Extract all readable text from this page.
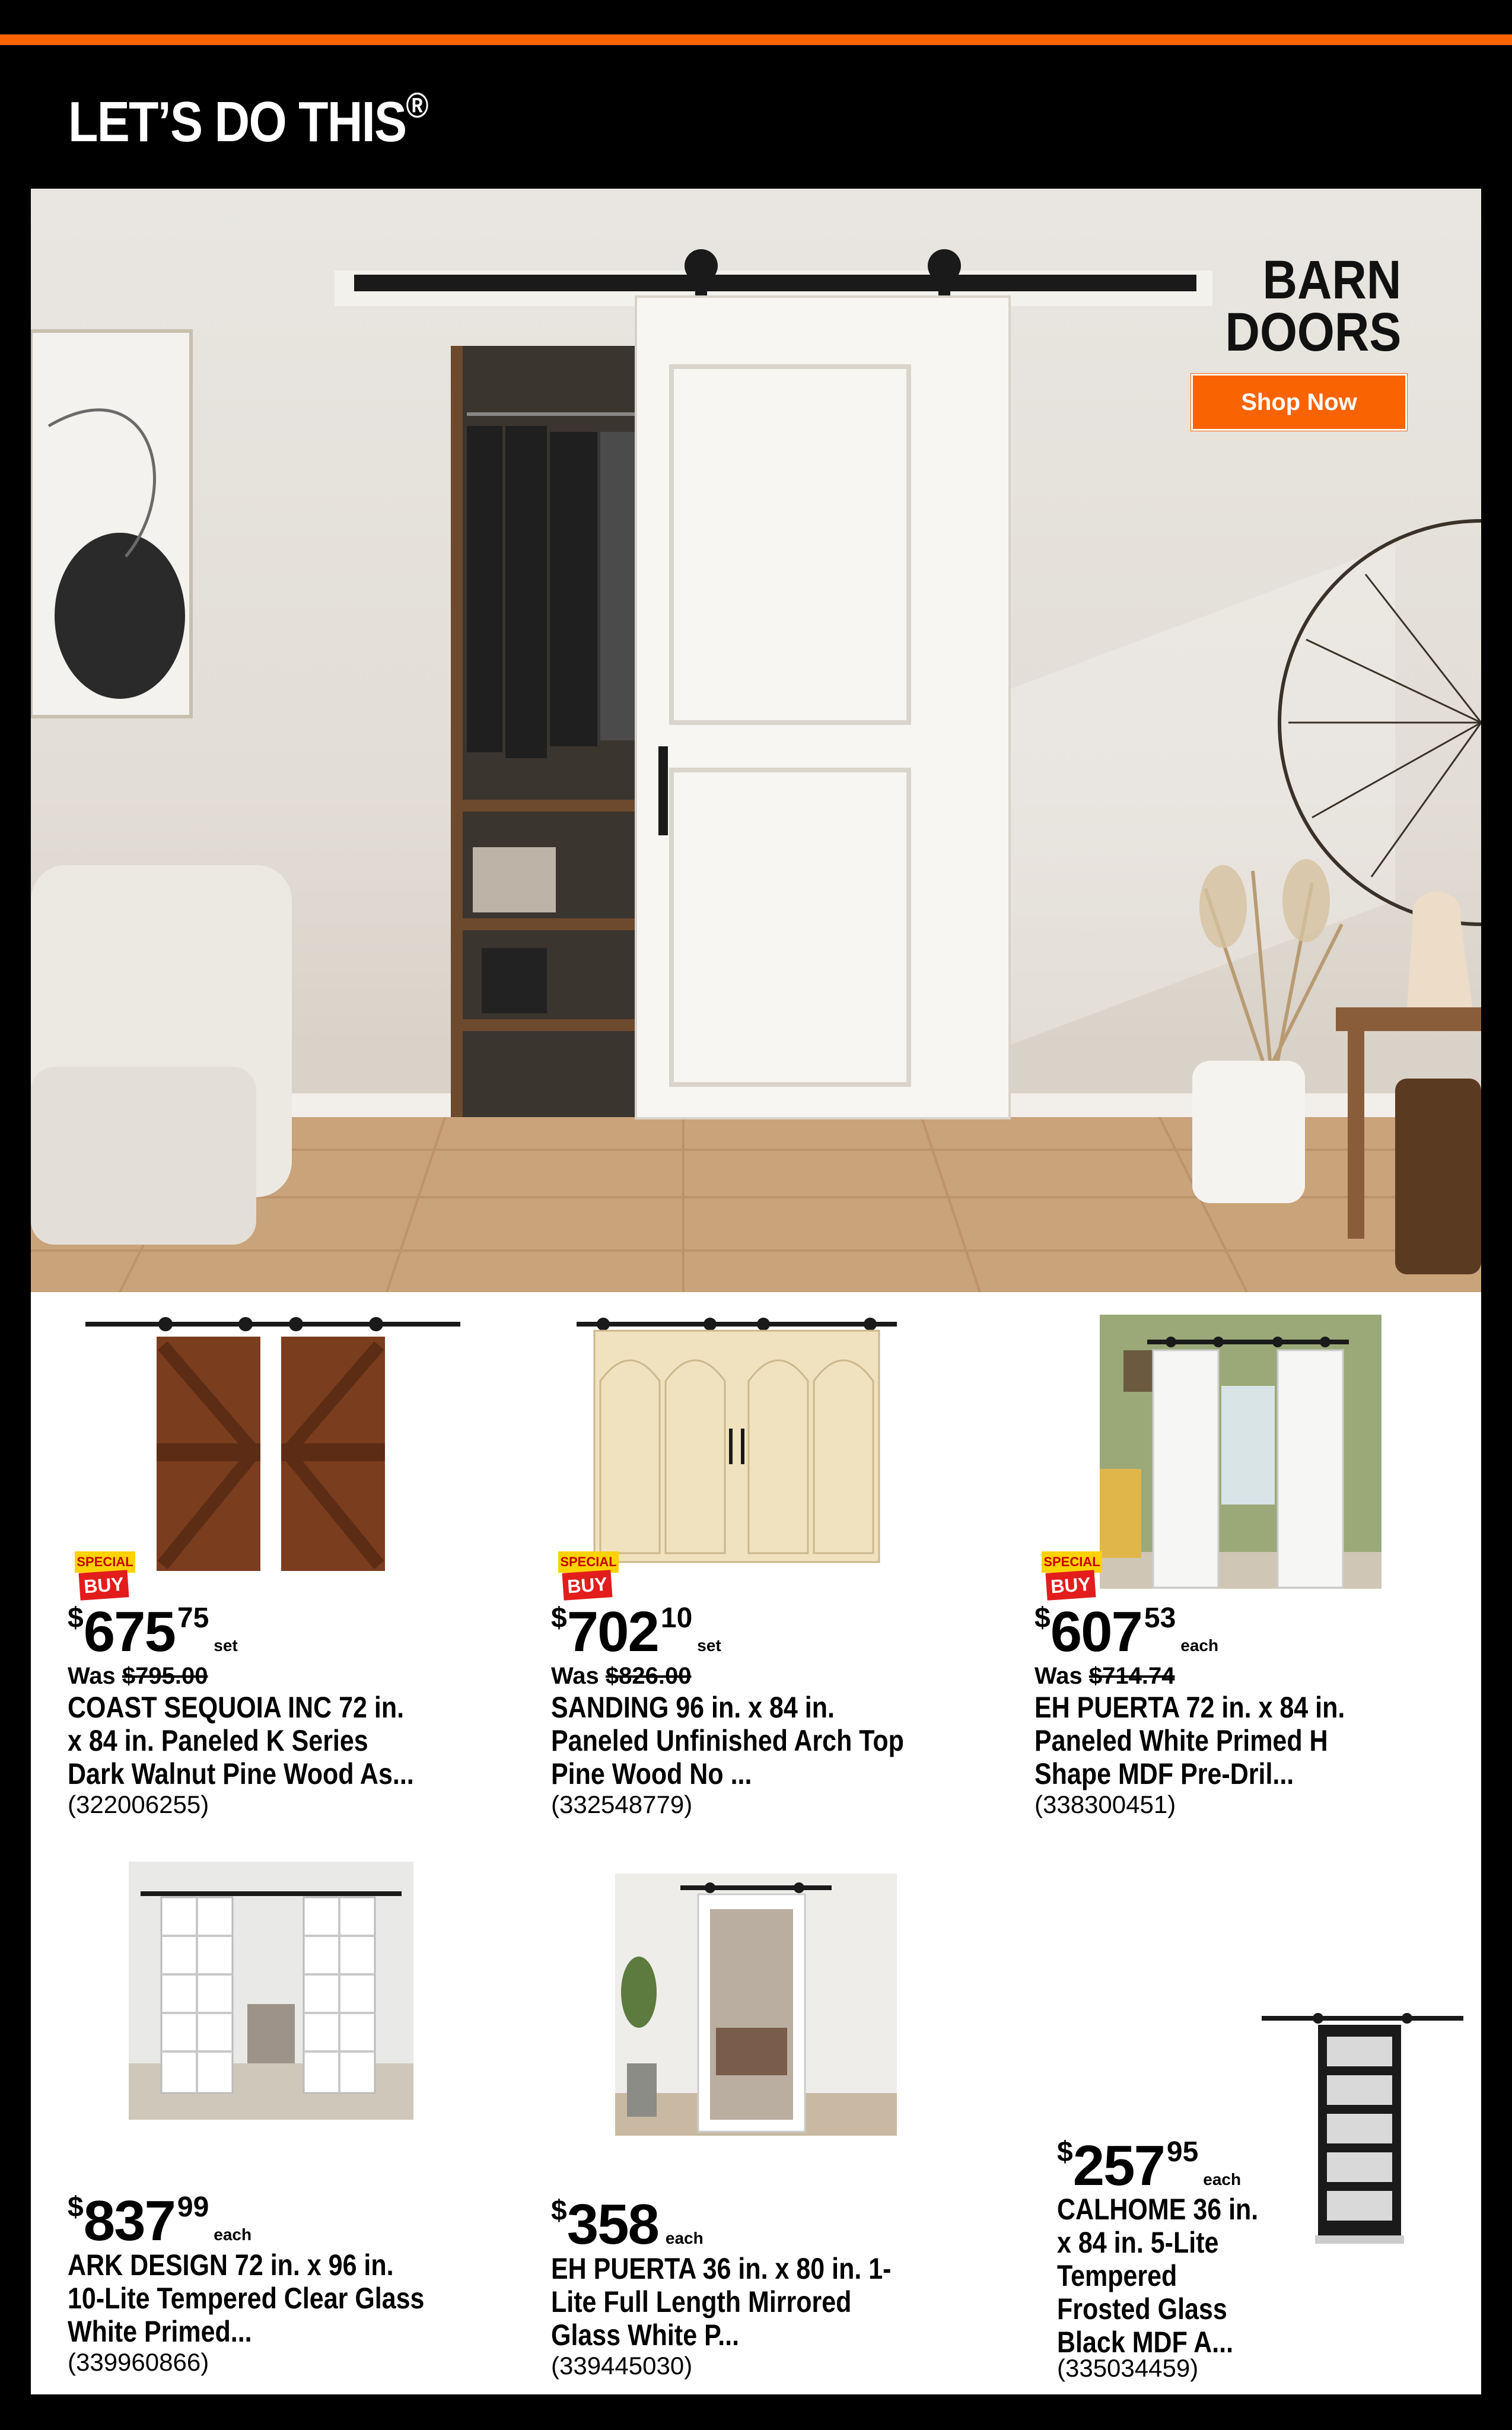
LET’S DO THIS®
BARN
DOORS
Shop Now
SPECIAL
BUY
$67575set
Was $795.00
COAST SEQUOIA INC 72 in. x 84 in. Paneled K Series Dark Walnut Pine Wood As...
(322006255)
SPECIAL
BUY
$70210set
Was $826.00
SANDING 96 in. x 84 in. Paneled Unfinished Arch Top Pine Wood No ...
(332548779)
SPECIAL
BUY
$60753each
Was $714.74
EH PUERTA 72 in. x 84 in. Paneled White Primed H Shape MDF Pre-Dril...
(338300451)
$83799each
ARK DESIGN 72 in. x 96 in. 10-Lite Tempered Clear Glass White Primed...
(339960866)
$358 each
EH PUERTA 36 in. x 80 in. 1-Lite Full Length Mirrored Glass White P...
(339445030)
$25795each
CALHOME 36 in. x 84 in. 5-Lite Tempered Frosted Glass Black MDF A...
(335034459)
